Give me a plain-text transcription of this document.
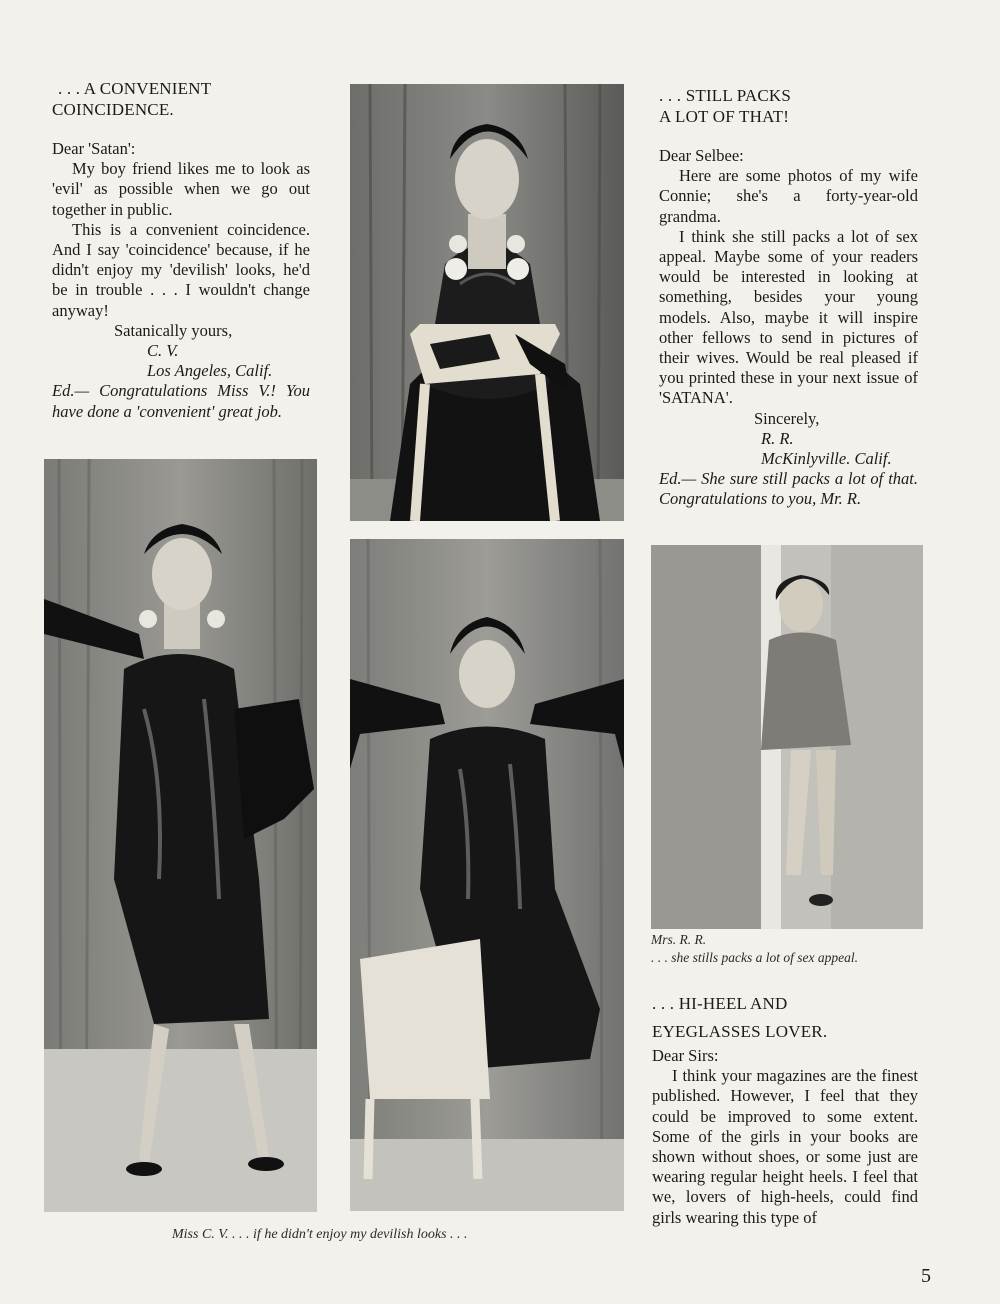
. . . A CONVENIENT

COINCIDENCE.

Dear 'Satan':

My boy friend likes me to look as 'evil' as possible when we go out together in public.

This is a convenient coincidence. And I say 'coincidence' because, if he didn't enjoy my 'devilish' looks, he'd be in trouble . . . I wouldn't change anyway!

Satanically yours,

C. V.

Los Angeles, Calif.

Ed.— Congratulations Miss V.! You have done a 'convenient' great job.

. . . STILL PACKS

A LOT OF THAT!

Dear Selbee:

Here are some photos of my wife Connie; she's a forty-year-old grandma.

I think she still packs a lot of sex appeal. Maybe some of your readers would be interested in looking at something, besides your young models. Also, maybe it will inspire other fellows to send in pictures of their wives. Would be real pleased if you printed these in your next issue of 'SATANA'.

Sincerely,

R. R.

McKinlyville. Calif.

Ed.— She sure still packs a lot of that. Congratulations to you, Mr. R.

. . . HI-HEEL AND

EYEGLASSES LOVER.

Dear Sirs:

I think your magazines are the finest published. However, I feel that they could be improved to some extent. Some of the girls in your books are shown without shoes, or some just are wearing regular height heels. I feel that we, lovers of high-heels, could find girls wearing this type of

Mrs. R. R.
. . . she stills packs a lot of sex appeal.
Miss C. V. . . . if he didn't enjoy my devilish looks . . .
5
